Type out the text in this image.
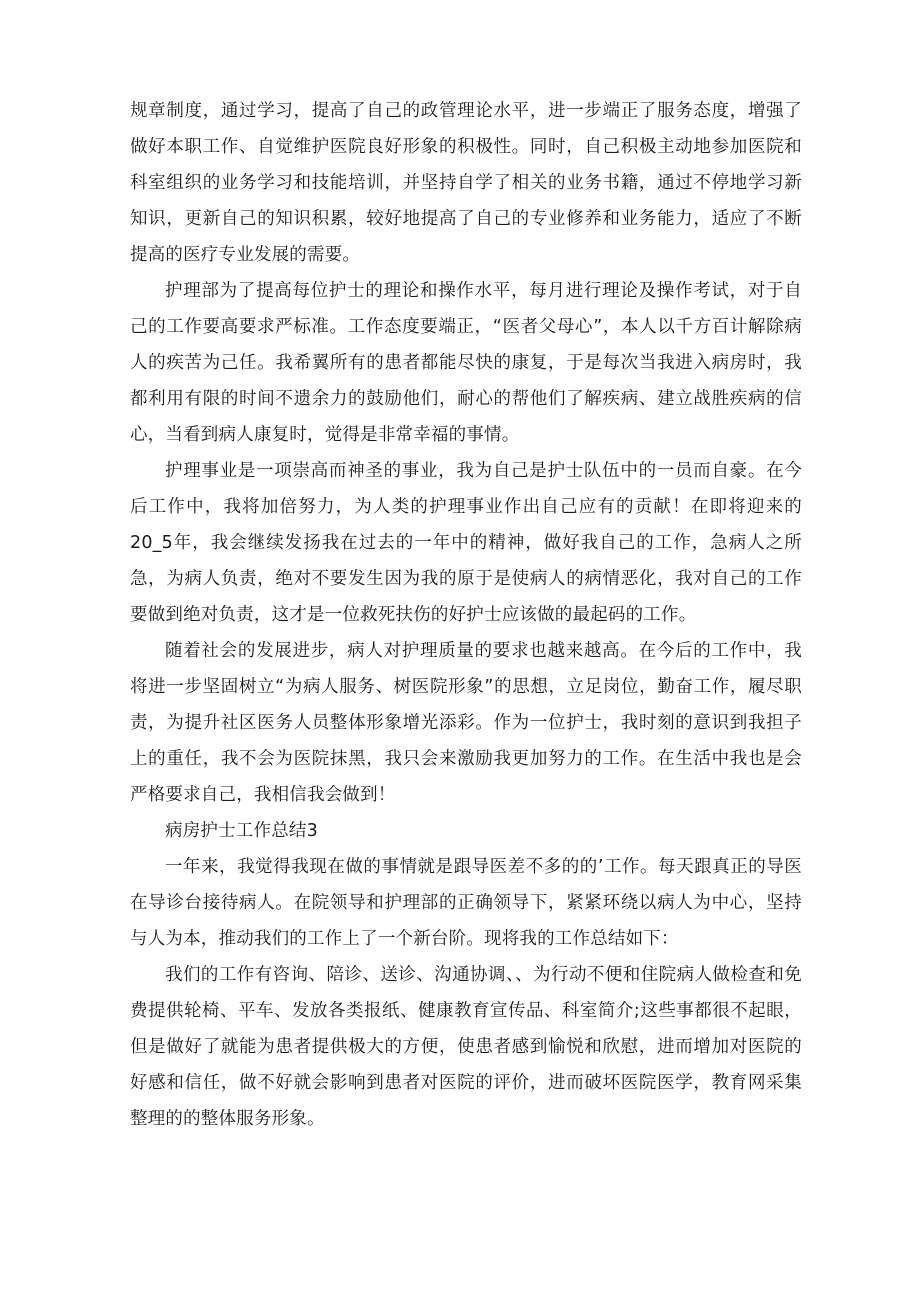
规章制度，通过学习，提高了自己的政管理论水平，进一步端正了服务态度，增强了做好本职工作、自觉维护医院良好形象的积极性。同时，自己积极主动地参加医院和科室组织的业务学习和技能培训，并坚持自学了相关的业务书籍，通过不停地学习新知识，更新自己的知识积累，较好地提高了自己的专业修养和业务能力，适应了不断提高的医疗专业发展的需要。

护理部为了提高每位护士的理论和操作水平，每月进行理论及操作考试，对于自己的工作要高要求严标准。工作态度要端正，“医者父母心”，本人以千方百计解除病人的疾苦为己任。我希翼所有的患者都能尽快的康复，于是每次当我进入病房时，我都利用有限的时间不遗余力的鼓励他们，耐心的帮他们了解疾病、建立战胜疾病的信心，当看到病人康复时，觉得是非常幸福的事情。

护理事业是一项崇高而神圣的事业，我为自己是护士队伍中的一员而自豪。在今后工作中，我将加倍努力，为人类的护理事业作出自己应有的贡献！在即将迎来的20_5年，我会继续发扬我在过去的一年中的精神，做好我自己的工作，急病人之所急，为病人负责，绝对不要发生因为我的原于是使病人的病情恶化，我对自己的工作要做到绝对负责，这才是一位救死扶伤的好护士应该做的最起码的工作。

随着社会的发展进步，病人对护理质量的要求也越来越高。在今后的工作中，我将进一步坚固树立“为病人服务、树医院形象”的思想，立足岗位，勤奋工作，履尽职责，为提升社区医务人员整体形象增光添彩。作为一位护士，我时刻的意识到我担子上的重任，我不会为医院抹黑，我只会来激励我更加努力的工作。在生活中我也是会严格要求自己，我相信我会做到！

病房护士工作总结3

一年来，我觉得我现在做的事情就是跟导医差不多的的’工作。每天跟真正的导医在导诊台接待病人。在院领导和护理部的正确领导下，紧紧环绕以病人为中心，坚持与人为本，推动我们的工作上了一个新台阶。现将我的工作总结如下：

我们的工作有咨询、陪诊、送诊、沟通协调、、为行动不便和住院病人做检查和免费提供轮椅、平车、发放各类报纸、健康教育宣传品、科室简介;这些事都很不起眼，但是做好了就能为患者提供极大的方便，使患者感到愉悦和欣慰，进而增加对医院的好感和信任，做不好就会影响到患者对医院的评价，进而破坏医院医学，教育网采集整理的的整体服务形象。
